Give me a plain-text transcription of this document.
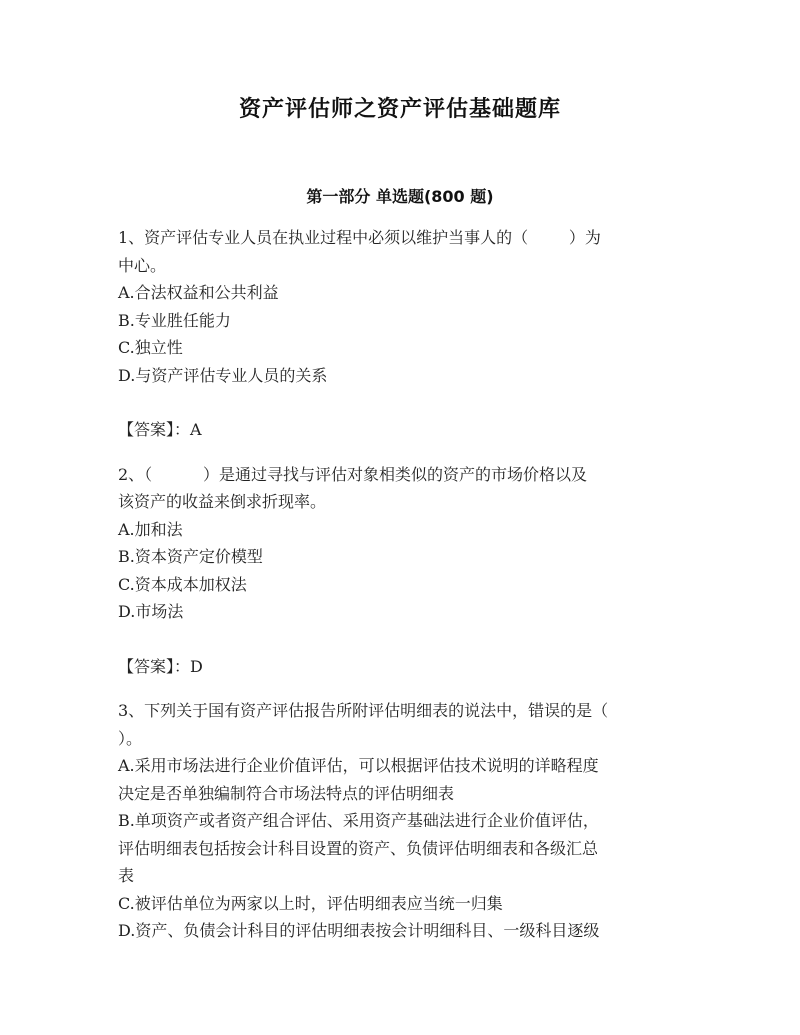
资产评估师之资产评估基础题库
第一部分 单选题(800 题)
1、资产评估专业人员在执业过程中必须以维护当事人的（        ）为
中心。
A.合法权益和公共利益
B.专业胜任能力
C.独立性
D.与资产评估专业人员的关系
【答案】：A
2、（          ）是通过寻找与评估对象相类似的资产的市场价格以及
该资产的收益来倒求折现率。
A.加和法
B.资本资产定价模型
C.资本成本加权法
D.市场法
【答案】：D
3、下列关于国有资产评估报告所附评估明细表的说法中，错误的是（
）。
A.采用市场法进行企业价值评估，可以根据评估技术说明的详略程度
决定是否单独编制符合市场法特点的评估明细表
B.单项资产或者资产组合评估、采用资产基础法进行企业价值评估，
评估明细表包括按会计科目设置的资产、负债评估明细表和各级汇总
表
C.被评估单位为两家以上时，评估明细表应当统一归集
D.资产、负债会计科目的评估明细表按会计明细科目、一级科目逐级
